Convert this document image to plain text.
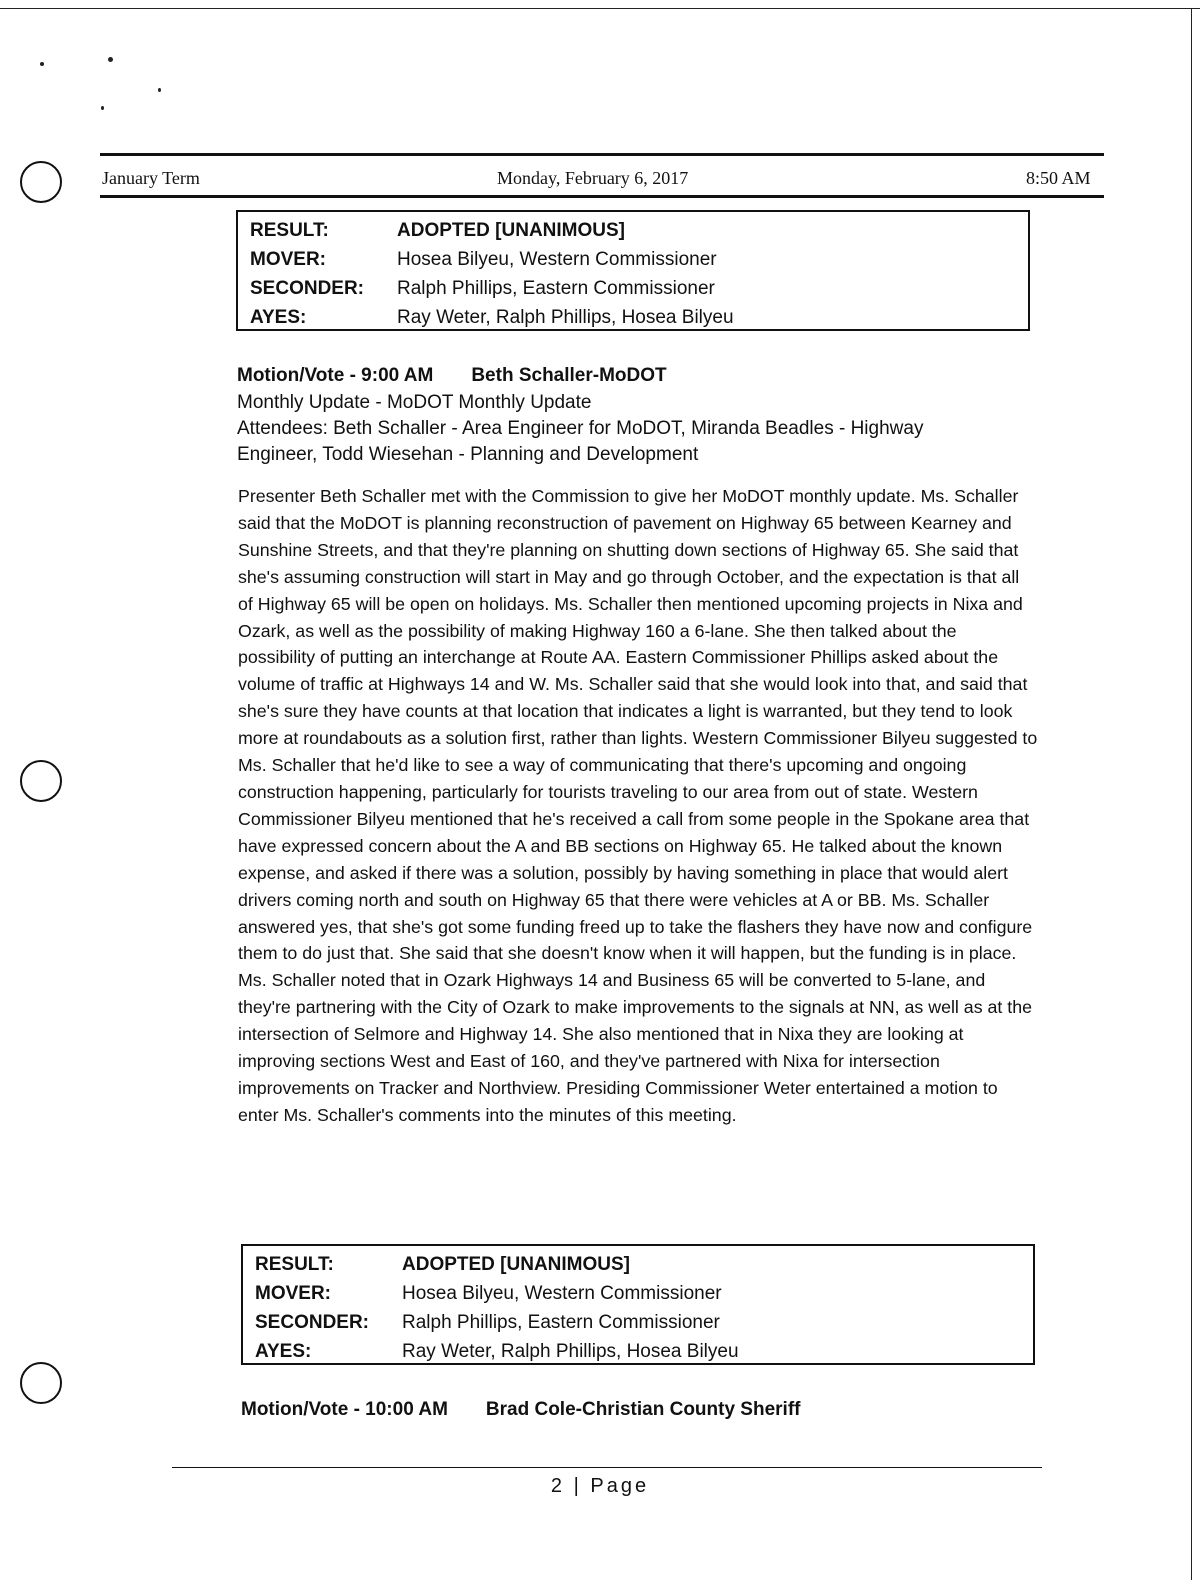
January Term	Monday, February 6, 2017	8:50 AM
RESULT:	ADOPTED [UNANIMOUS]
MOVER:	Hosea Bilyeu, Western Commissioner
SECONDER:	Ralph Phillips, Eastern Commissioner
AYES:	Ray Weter, Ralph Phillips, Hosea Bilyeu
Motion/Vote - 9:00 AM Beth Schaller-MoDOT
Monthly Update - MoDOT Monthly Update
Attendees: Beth Schaller - Area Engineer for MoDOT, Miranda Beadles - Highway Engineer, Todd Wiesehan - Planning and Development

Presenter Beth Schaller met with the Commission to give her MoDOT monthly update. Ms. Schaller said that the MoDOT is planning reconstruction of pavement on Highway 65 between Kearney and Sunshine Streets, and that they're planning on shutting down sections of Highway 65. She said that she's assuming construction will start in May and go through October, and the expectation is that all of Highway 65 will be open on holidays. Ms. Schaller then mentioned upcoming projects in Nixa and Ozark, as well as the possibility of making Highway 160 a 6-lane. She then talked about the possibility of putting an interchange at Route AA. Eastern Commissioner Phillips asked about the volume of traffic at Highways 14 and W. Ms. Schaller said that she would look into that, and said that she's sure they have counts at that location that indicates a light is warranted, but they tend to look more at roundabouts as a solution first, rather than lights. Western Commissioner Bilyeu suggested to Ms. Schaller that he'd like to see a way of communicating that there's upcoming and ongoing construction happening, particularly for tourists traveling to our area from out of state. Western Commissioner Bilyeu mentioned that he's received a call from some people in the Spokane area that have expressed concern about the A and BB sections on Highway 65. He talked about the known expense, and asked if there was a solution, possibly by having something in place that would alert drivers coming north and south on Highway 65 that there were vehicles at A or BB. Ms. Schaller answered yes, that she's got some funding freed up to take the flashers they have now and configure them to do just that. She said that she doesn't know when it will happen, but the funding is in place. Ms. Schaller noted that in Ozark Highways 14 and Business 65 will be converted to 5-lane, and they're partnering with the City of Ozark to make improvements to the signals at NN, as well as at the intersection of Selmore and Highway 14. She also mentioned that in Nixa they are looking at improving sections West and East of 160, and they've partnered with Nixa for intersection improvements on Tracker and Northview. Presiding Commissioner Weter entertained a motion to enter Ms. Schaller's comments into the minutes of this meeting.

RESULT:	ADOPTED [UNANIMOUS]
MOVER:	Hosea Bilyeu, Western Commissioner
SECONDER:	Ralph Phillips, Eastern Commissioner
AYES:	Ray Weter, Ralph Phillips, Hosea Bilyeu
Motion/Vote - 10:00 AM Brad Cole-Christian County Sheriff
2 | Page
